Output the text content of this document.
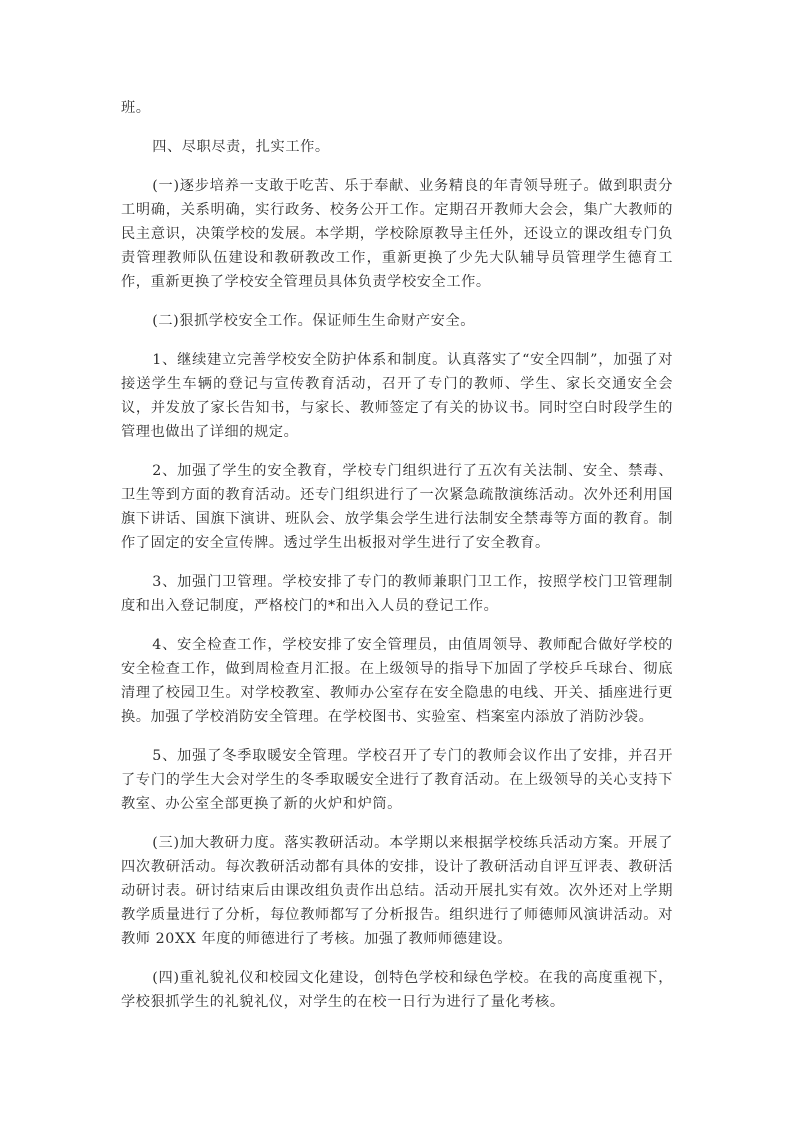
班。

四、尽职尽责，扎实工作。

(一)逐步培养一支敢于吃苦、乐于奉献、业务精良的年青领导班子。做到职责分工明确，关系明确，实行政务、校务公开工作。定期召开教师大会会，集广大教师的民主意识，决策学校的发展。本学期，学校除原教导主任外，还设立的课改组专门负责管理教师队伍建设和教研教改工作，重新更换了少先大队辅导员管理学生德育工作，重新更换了学校安全管理员具体负责学校安全工作。

(二)狠抓学校安全工作。保证师生生命财产安全。

1、继续建立完善学校安全防护体系和制度。认真落实了“安全四制”，加强了对接送学生车辆的登记与宣传教育活动，召开了专门的教师、学生、家长交通安全会议，并发放了家长告知书，与家长、教师签定了有关的协议书。同时空白时段学生的管理也做出了详细的规定。

2、加强了学生的安全教育，学校专门组织进行了五次有关法制、安全、禁毒、卫生等到方面的教育活动。还专门组织进行了一次紧急疏散演练活动。次外还利用国旗下讲话、国旗下演讲、班队会、放学集会学生进行法制安全禁毒等方面的教育。制作了固定的安全宣传牌。透过学生出板报对学生进行了安全教育。

3、加强门卫管理。学校安排了专门的教师兼职门卫工作，按照学校门卫管理制度和出入登记制度，严格校门的*和出入人员的登记工作。

4、安全检查工作，学校安排了安全管理员，由值周领导、教师配合做好学校的安全检查工作，做到周检查月汇报。在上级领导的指导下加固了学校乒乓球台、彻底清理了校园卫生。对学校教室、教师办公室存在安全隐患的电线、开关、插座进行更换。加强了学校消防安全管理。在学校图书、实验室、档案室内添放了消防沙袋。

5、加强了冬季取暖安全管理。学校召开了专门的教师会议作出了安排，并召开了专门的学生大会对学生的冬季取暖安全进行了教育活动。在上级领导的关心支持下教室、办公室全部更换了新的火炉和炉筒。

(三)加大教研力度。落实教研活动。本学期以来根据学校练兵活动方案。开展了四次教研活动。每次教研活动都有具体的安排，设计了教研活动自评互评表、教研活动研讨表。研讨结束后由课改组负责作出总结。活动开展扎实有效。次外还对上学期教学质量进行了分析，每位教师都写了分析报告。组织进行了师德师风演讲活动。对教师 20XX 年度的师德进行了考核。加强了教师师德建设。

(四)重礼貌礼仪和校园文化建设，创特色学校和绿色学校。在我的高度重视下，学校狠抓学生的礼貌礼仪，对学生的在校一日行为进行了量化考核。
